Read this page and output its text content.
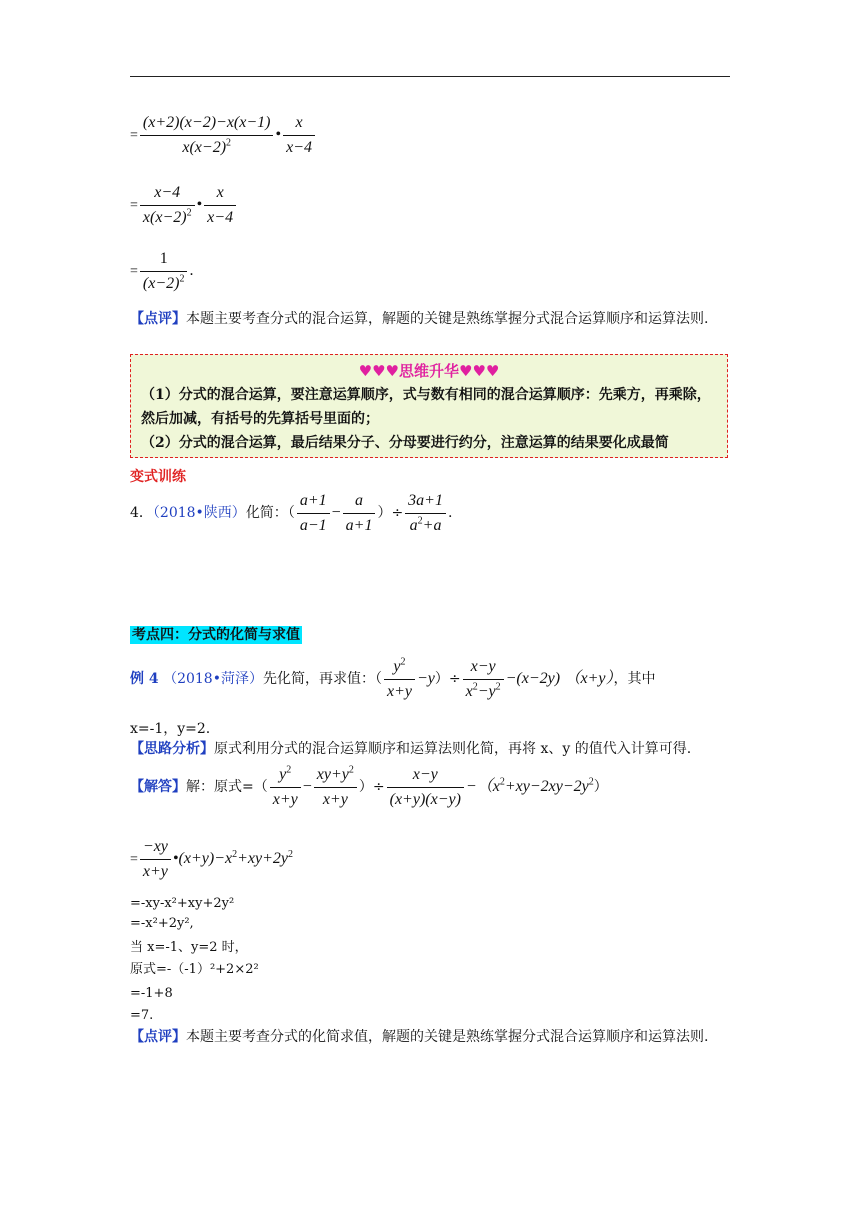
= $\frac{(x+2)(x-2)-x(x-1)}{x(x-2)^2}$ • $\frac{x}{x-4}$
= $\frac{x-4}{x(x-2)^2}$ • $\frac{x}{x-4}$
= $\frac{1}{(x-2)^2}$ .
【点评】本题主要考查分式的混合运算，解题的关键是熟练掌握分式混合运算顺序和运算法则.
♥♥♥思维升华♥♥♥
（1）分式的混合运算，要注意运算顺序，式与数有相同的混合运算顺序：先乘方，再乘除，然后加减，有括号的先算括号里面的；
（2）分式的混合运算，最后结果分子、分母要进行约分，注意运算的结果要化成最简
变式训练
4．（2018•陕西）化简：（ $\frac{a+1}{a-1} - \frac{a}{a+1}$ ）÷ $\frac{3a+1}{a^2+a}$ .
考点四：分式的化简与求值
例 4 （2018•菏泽）先化简，再求值：（ $\frac{y^2}{x+y} -y)\div \frac{x-y}{x^2-y^2} -(x-2y)$ （x+y），其中
x=-1，y=2.
【思路分析】原式利用分式的混合运算顺序和运算法则化简，再将 x、y 的值代入计算可得.
【解答】解：原式=（ $\frac{y^2}{x+y} - \frac{xy+y^2}{x+y}$ ）÷ $\frac{x-y}{(x+y)(x-y)} -(x^2+xy-2xy-2y^2)$
= $\frac{-xy}{x+y}$ $•(x+y)-x^2+xy+2y^2$
=-xy-x²+xy+2y²
=-x²+2y²,
当 x=-1、y=2 时，
原式=-（-1）²+2×2²
=-1+8
=7.
【点评】本题主要考查分式的化简求值，解题的关键是熟练掌握分式混合运算顺序和运算法则.
